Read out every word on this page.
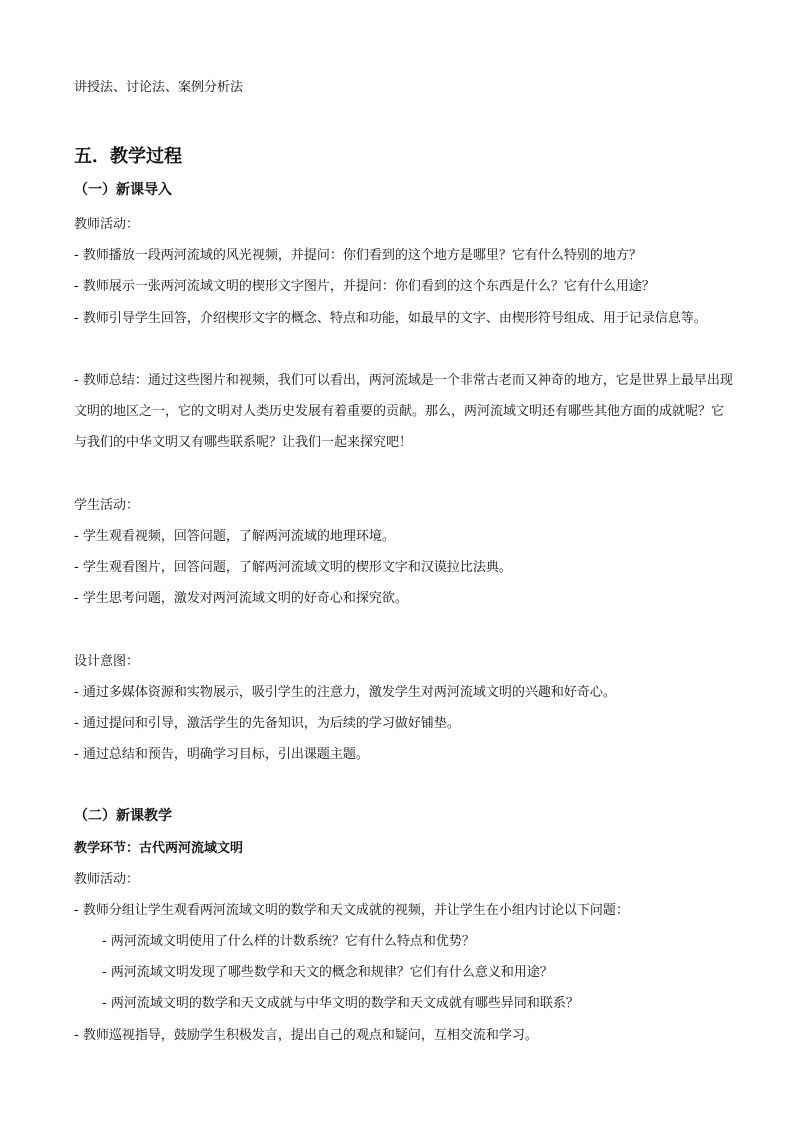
讲授法、讨论法、案例分析法
五．教学过程
（一）新课导入
教师活动：
- 教师播放一段两河流域的风光视频，并提问：你们看到的这个地方是哪里？它有什么特别的地方？
- 教师展示一张两河流域文明的楔形文字图片，并提问：你们看到的这个东西是什么？它有什么用途？
- 教师引导学生回答，介绍楔形文字的概念、特点和功能，如最早的文字、由楔形符号组成、用于记录信息等。
- 教师总结：通过这些图片和视频，我们可以看出，两河流域是一个非常古老而又神奇的地方，它是世界上最早出现文明的地区之一，它的文明对人类历史发展有着重要的贡献。那么，两河流域文明还有哪些其他方面的成就呢？它与我们的中华文明又有哪些联系呢？让我们一起来探究吧！
学生活动：
- 学生观看视频，回答问题，了解两河流域的地理环境。
- 学生观看图片，回答问题，了解两河流域文明的楔形文字和汉谟拉比法典。
- 学生思考问题，激发对两河流域文明的好奇心和探究欲。
设计意图：
- 通过多媒体资源和实物展示，吸引学生的注意力，激发学生对两河流域文明的兴趣和好奇心。
- 通过提问和引导，激活学生的先备知识，为后续的学习做好铺垫。
- 通过总结和预告，明确学习目标，引出课题主题。
（二）新课教学
教学环节：古代两河流域文明
教师活动：
- 教师分组让学生观看两河流域文明的数学和天文成就的视频，并让学生在小组内讨论以下问题：
- 两河流域文明使用了什么样的计数系统？它有什么特点和优势？
- 两河流域文明发现了哪些数学和天文的概念和规律？它们有什么意义和用途？
- 两河流域文明的数学和天文成就与中华文明的数学和天文成就有哪些异同和联系？
- 教师巡视指导，鼓励学生积极发言，提出自己的观点和疑问，互相交流和学习。
